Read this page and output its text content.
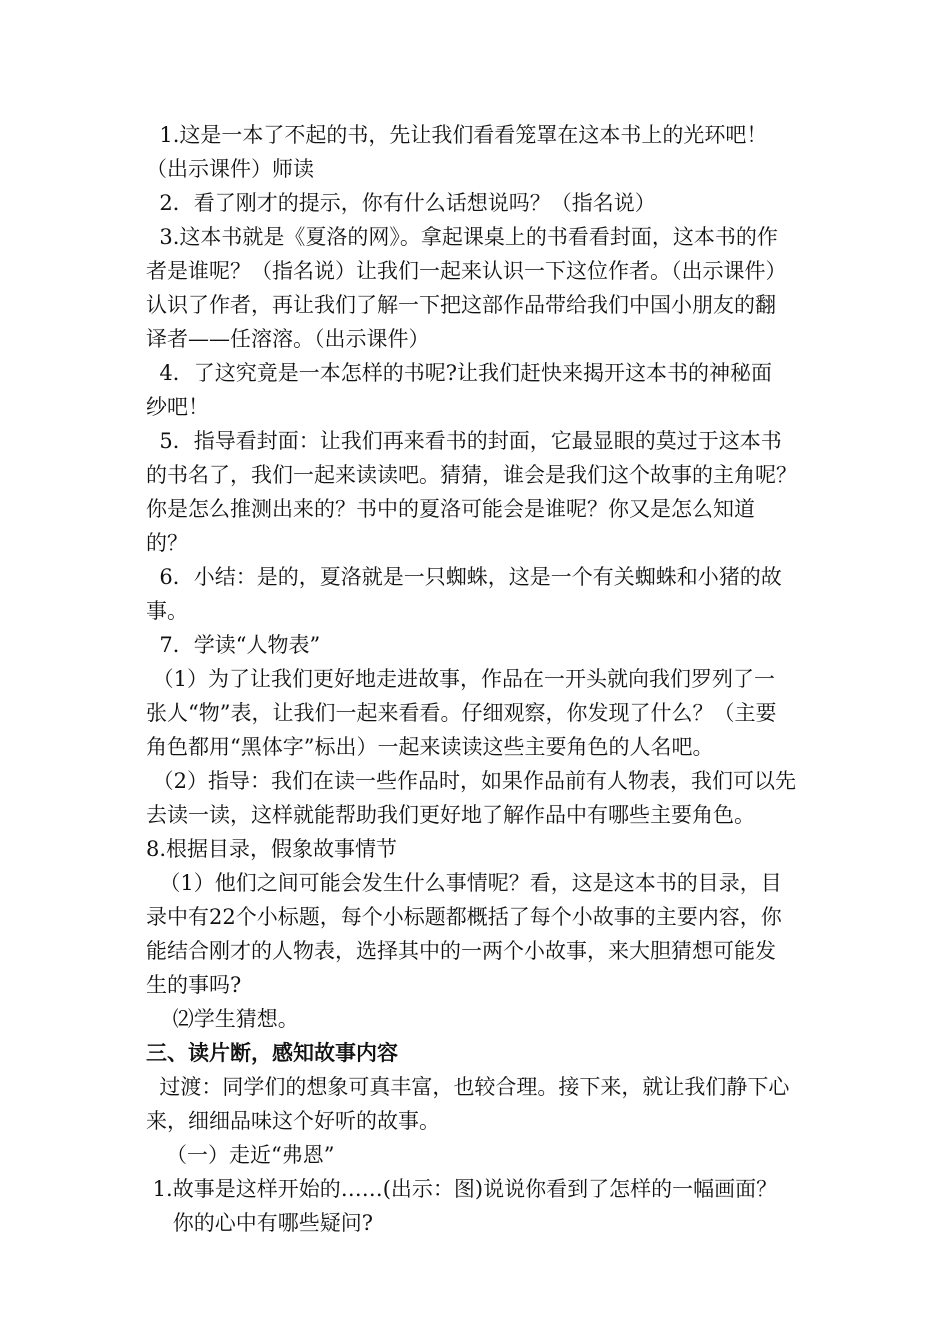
1.这是一本了不起的书，先让我们看看笼罩在这本书上的光环吧！
（出示课件）师读
2．看了刚才的提示，你有什么话想说吗？（指名说）
3.这本书就是《夏洛的网》。拿起课桌上的书看看封面，这本书的作
者是谁呢？（指名说）让我们一起来认识一下这位作者。（出示课件）
认识了作者，再让我们了解一下把这部作品带给我们中国小朋友的翻
译者——任溶溶。（出示课件）
4．了这究竟是一本怎样的书呢?让我们赶快来揭开这本书的神秘面
纱吧！
5．指导看封面：让我们再来看书的封面，它最显眼的莫过于这本书
的书名了，我们一起来读读吧。猜猜，谁会是我们这个故事的主角呢？
你是怎么推测出来的？书中的夏洛可能会是谁呢？你又是怎么知道
的？
6．小结：是的，夏洛就是一只蜘蛛，这是一个有关蜘蛛和小猪的故
事。
7．学读“人物表”
（1）为了让我们更好地走进故事，作品在一开头就向我们罗列了一
张人“物”表，让我们一起来看看。仔细观察，你发现了什么？（主要
角色都用“黑体字”标出）一起来读读这些主要角色的人名吧。
（2）指导：我们在读一些作品时，如果作品前有人物表，我们可以先
去读一读，这样就能帮助我们更好地了解作品中有哪些主要角色。
8.根据目录，假象故事情节
（1）他们之间可能会发生什么事情呢？看，这是这本书的目录，目
录中有22个小标题，每个小标题都概括了每个小故事的主要内容，你
能结合刚才的人物表，选择其中的一两个小故事，来大胆猜想可能发
生的事吗?
⑵学生猜想。
三、读片断，感知故事内容
过渡：同学们的想象可真丰富，也较合理。接下来，就让我们静下心
来，细细品味这个好听的故事。
（一）走近“弗恩”
1.故事是这样开始的……(出示：图)说说你看到了怎样的一幅画面？
你的心中有哪些疑问?
